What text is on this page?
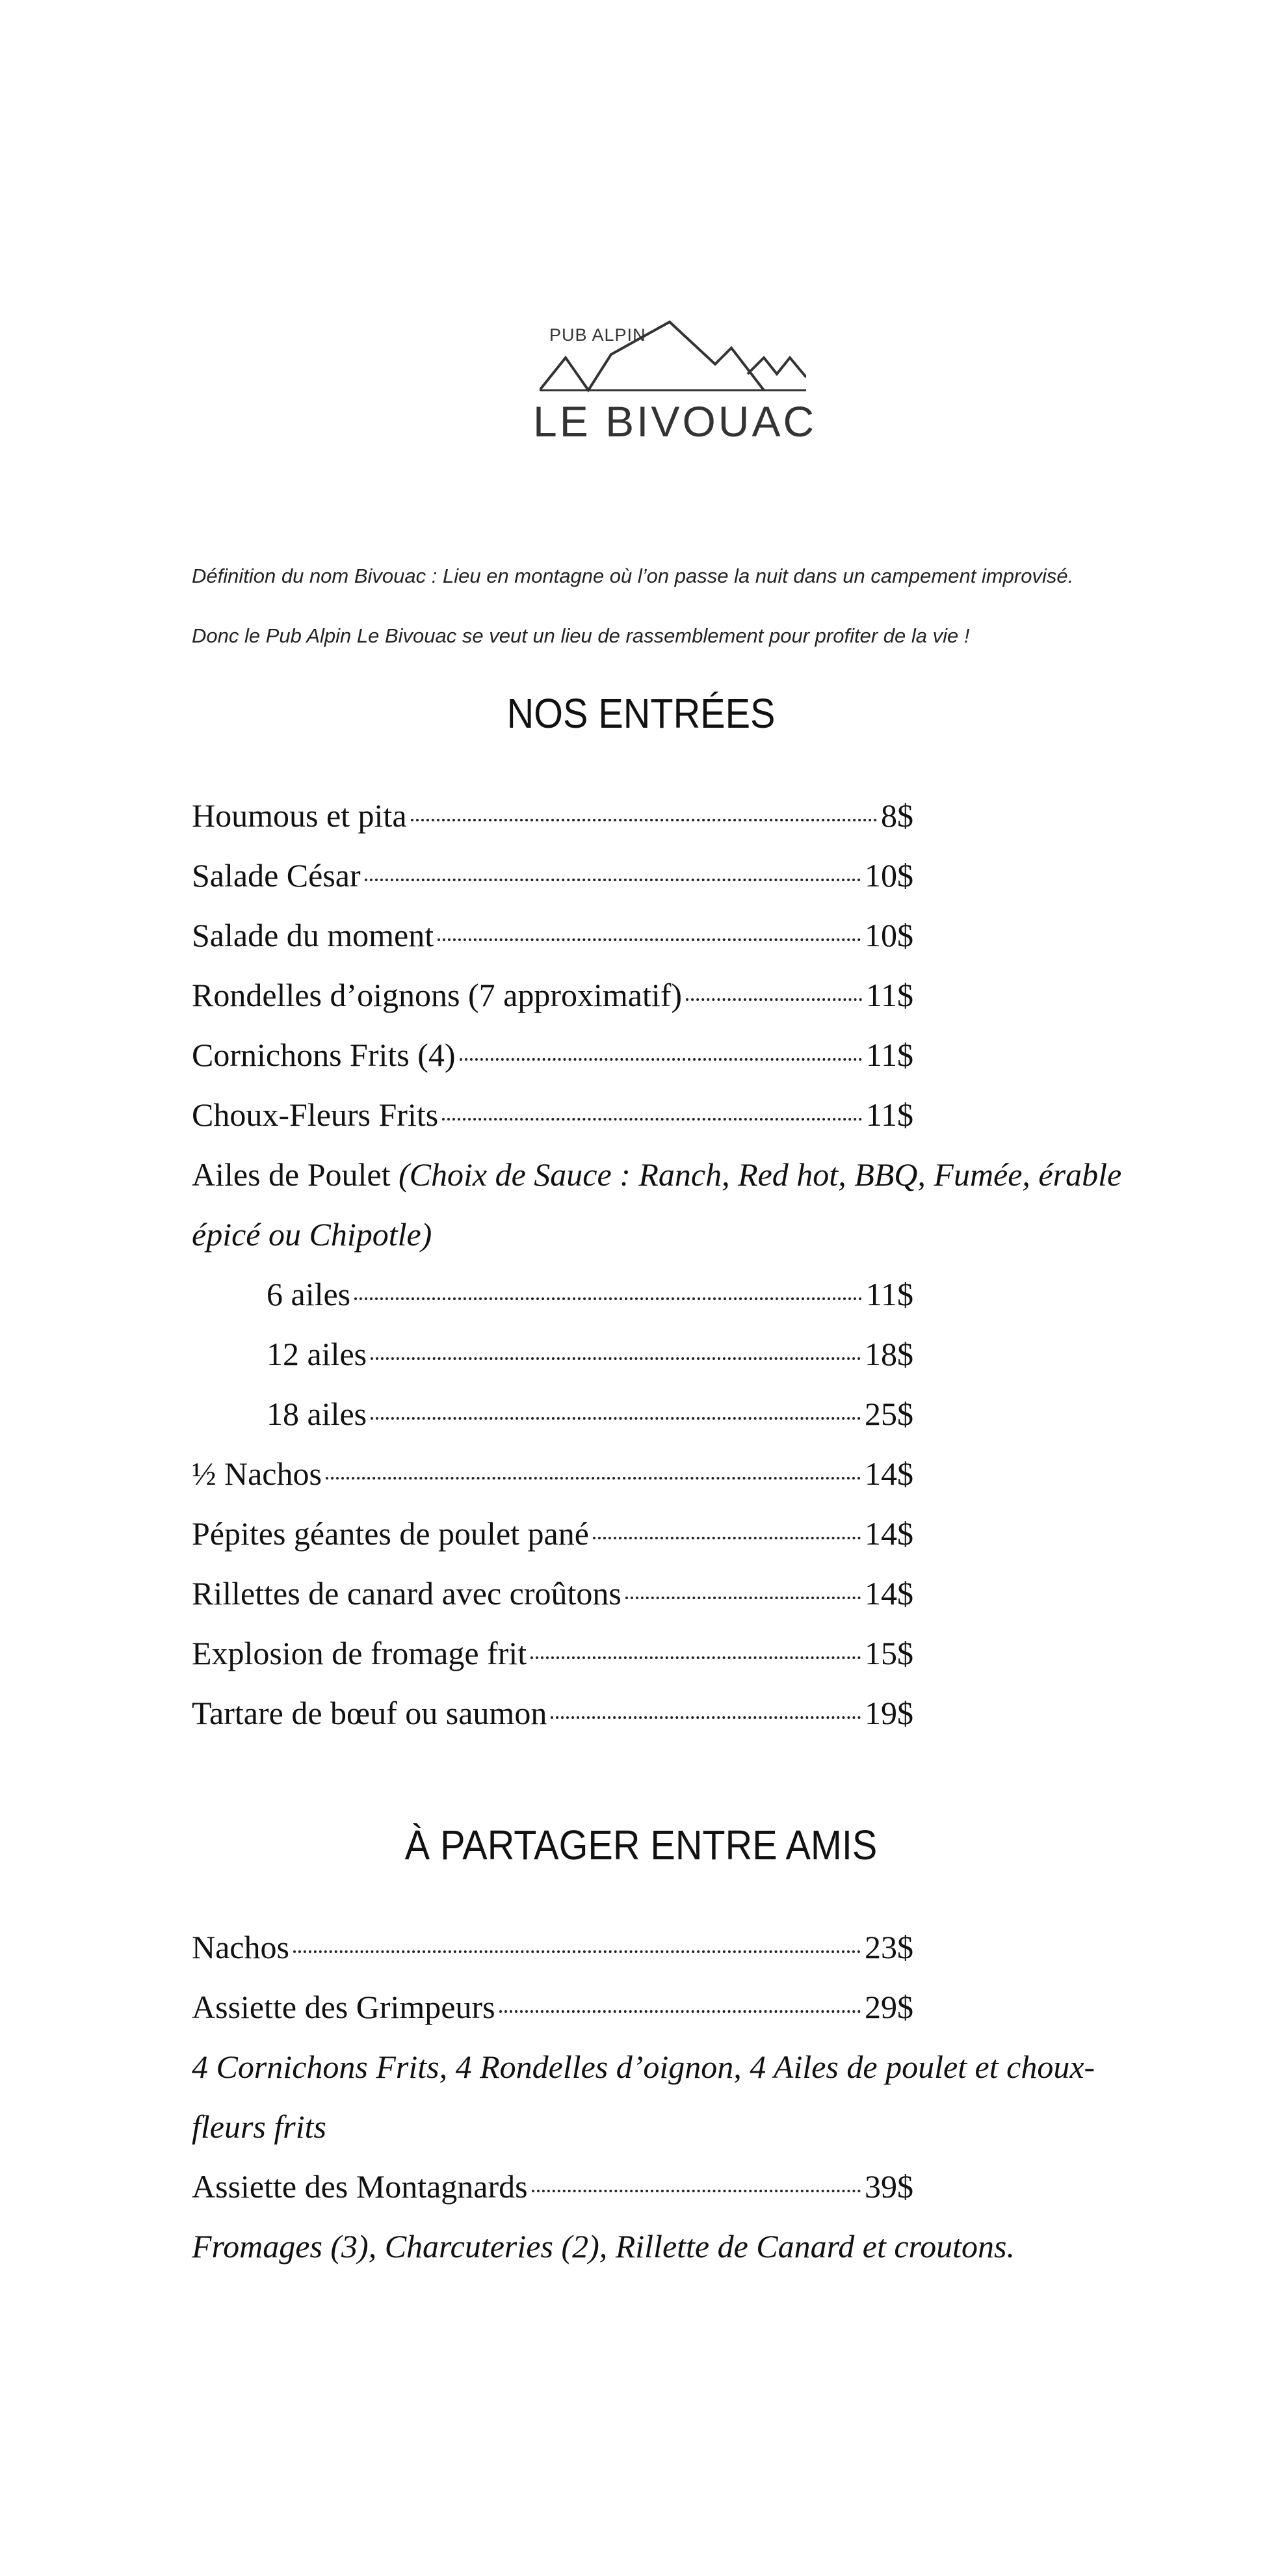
PUB ALPIN
LE BIVOUAC
Définition du nom Bivouac : Lieu en montagne où l’on passe la nuit dans un campement improvisé.
Donc le Pub Alpin Le Bivouac se veut un lieu de rassemblement pour profiter de la vie !
NOS ENTRÉES
Houmous et pita	8$
Salade César	10$
Salade du moment	10$
Rondelles d’oignons (7 approximatif)	11$
Cornichons Frits (4)	11$
Choux-Fleurs Frits	11$
Ailes de Poulet (Choix de Sauce : Ranch, Red hot, BBQ, Fumée, érable
épicé ou Chipotle)
6 ailes	11$
12 ailes	18$
18 ailes	25$
½ Nachos	14$
Pépites géantes de poulet pané	14$
Rillettes de canard avec croûtons	14$
Explosion de fromage frit	15$
Tartare de bœuf ou saumon	19$
À PARTAGER ENTRE AMIS
Nachos	23$
Assiette des Grimpeurs	29$
4 Cornichons Frits, 4 Rondelles d’oignon, 4 Ailes de poulet et choux-
fleurs frits
Assiette des Montagnards	39$
Fromages (3), Charcuteries (2), Rillette de Canard et croutons.
